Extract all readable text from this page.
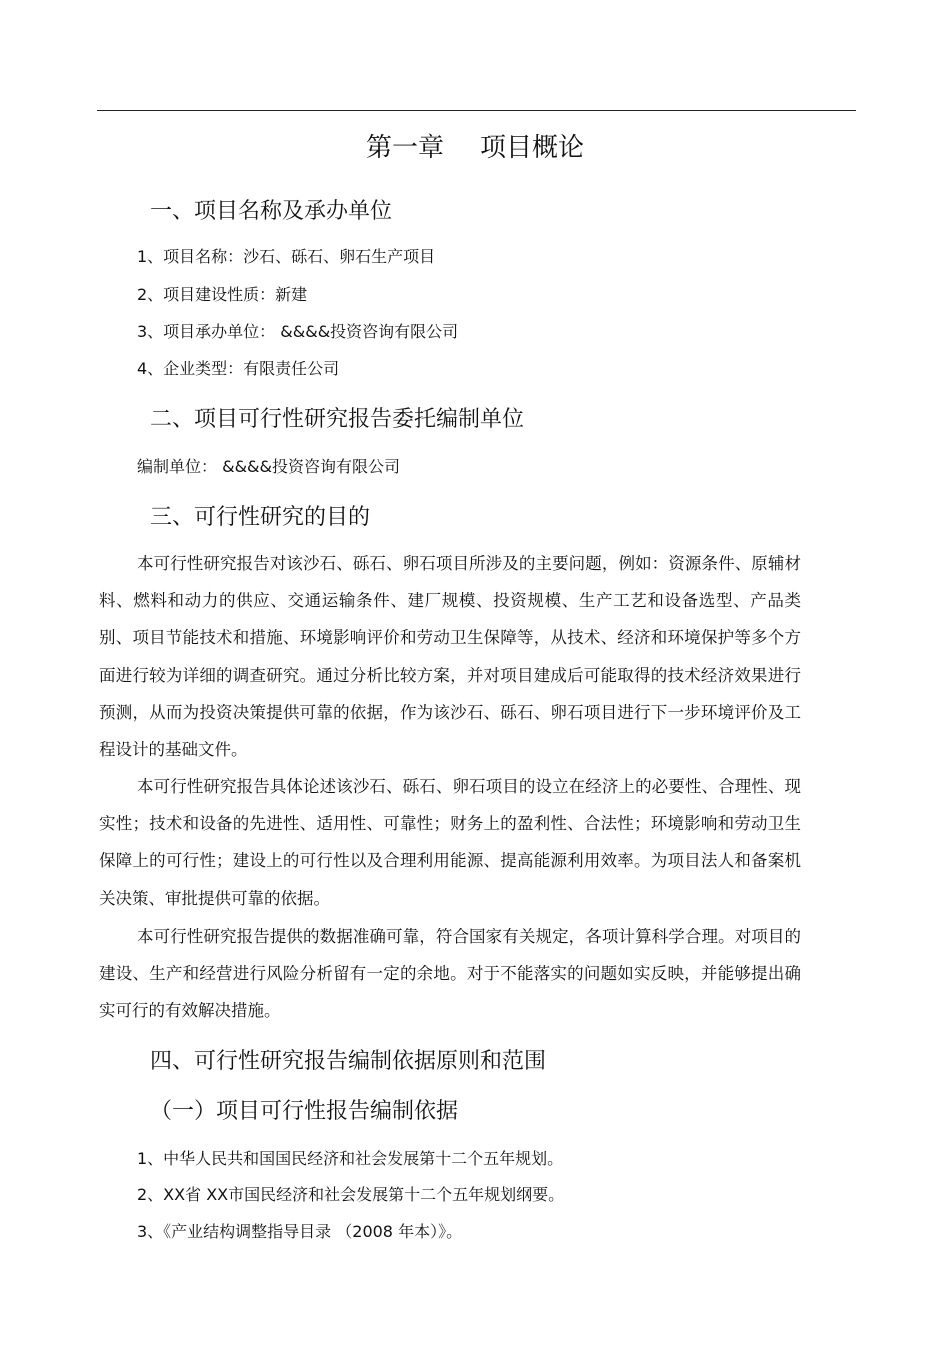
第一章 项目概论
一、项目名称及承办单位
1、项目名称：沙石、砾石、卵石生产项目
2、项目建设性质：新建
3、项目承办单位： &&&&投资咨询有限公司
4、企业类型：有限责任公司
二、项目可行性研究报告委托编制单位
编制单位： &&&&投资咨询有限公司
三、可行性研究的目的

本可行性研究报告对该沙石、砾石、卵石项目所涉及的主要问题，例如：资源条件、原辅材料、燃料和动力的供应、交通运输条件、建厂规模、投资规模、生产工艺和设备选型、产品类别、项目节能技术和措施、环境影响评价和劳动卫生保障等，从技术、经济和环境保护等多个方面进行较为详细的调查研究。通过分析比较方案，并对项目建成后可能取得的技术经济效果进行预测，从而为投资决策提供可靠的依据，作为该沙石、砾石、卵石项目进行下一步环境评价及工程设计的基础文件。

本可行性研究报告具体论述该沙石、砾石、卵石项目的设立在经济上的必要性、合理性、现实性；技术和设备的先进性、适用性、可靠性；财务上的盈利性、合法性；环境影响和劳动卫生保障上的可行性；建设上的可行性以及合理利用能源、提高能源利用效率。为项目法人和备案机关决策、审批提供可靠的依据。

本可行性研究报告提供的数据准确可靠，符合国家有关规定，各项计算科学合理。对项目的建设、生产和经营进行风险分析留有一定的余地。对于不能落实的问题如实反映，并能够提出确实可行的有效解决措施。

四、可行性研究报告编制依据原则和范围
（一）项目可行性报告编制依据
1、中华人民共和国国民经济和社会发展第十二个五年规划。
2、XX省 XX市国民经济和社会发展第十二个五年规划纲要。
3、《产业结构调整指导目录 （2008 年本）》。
